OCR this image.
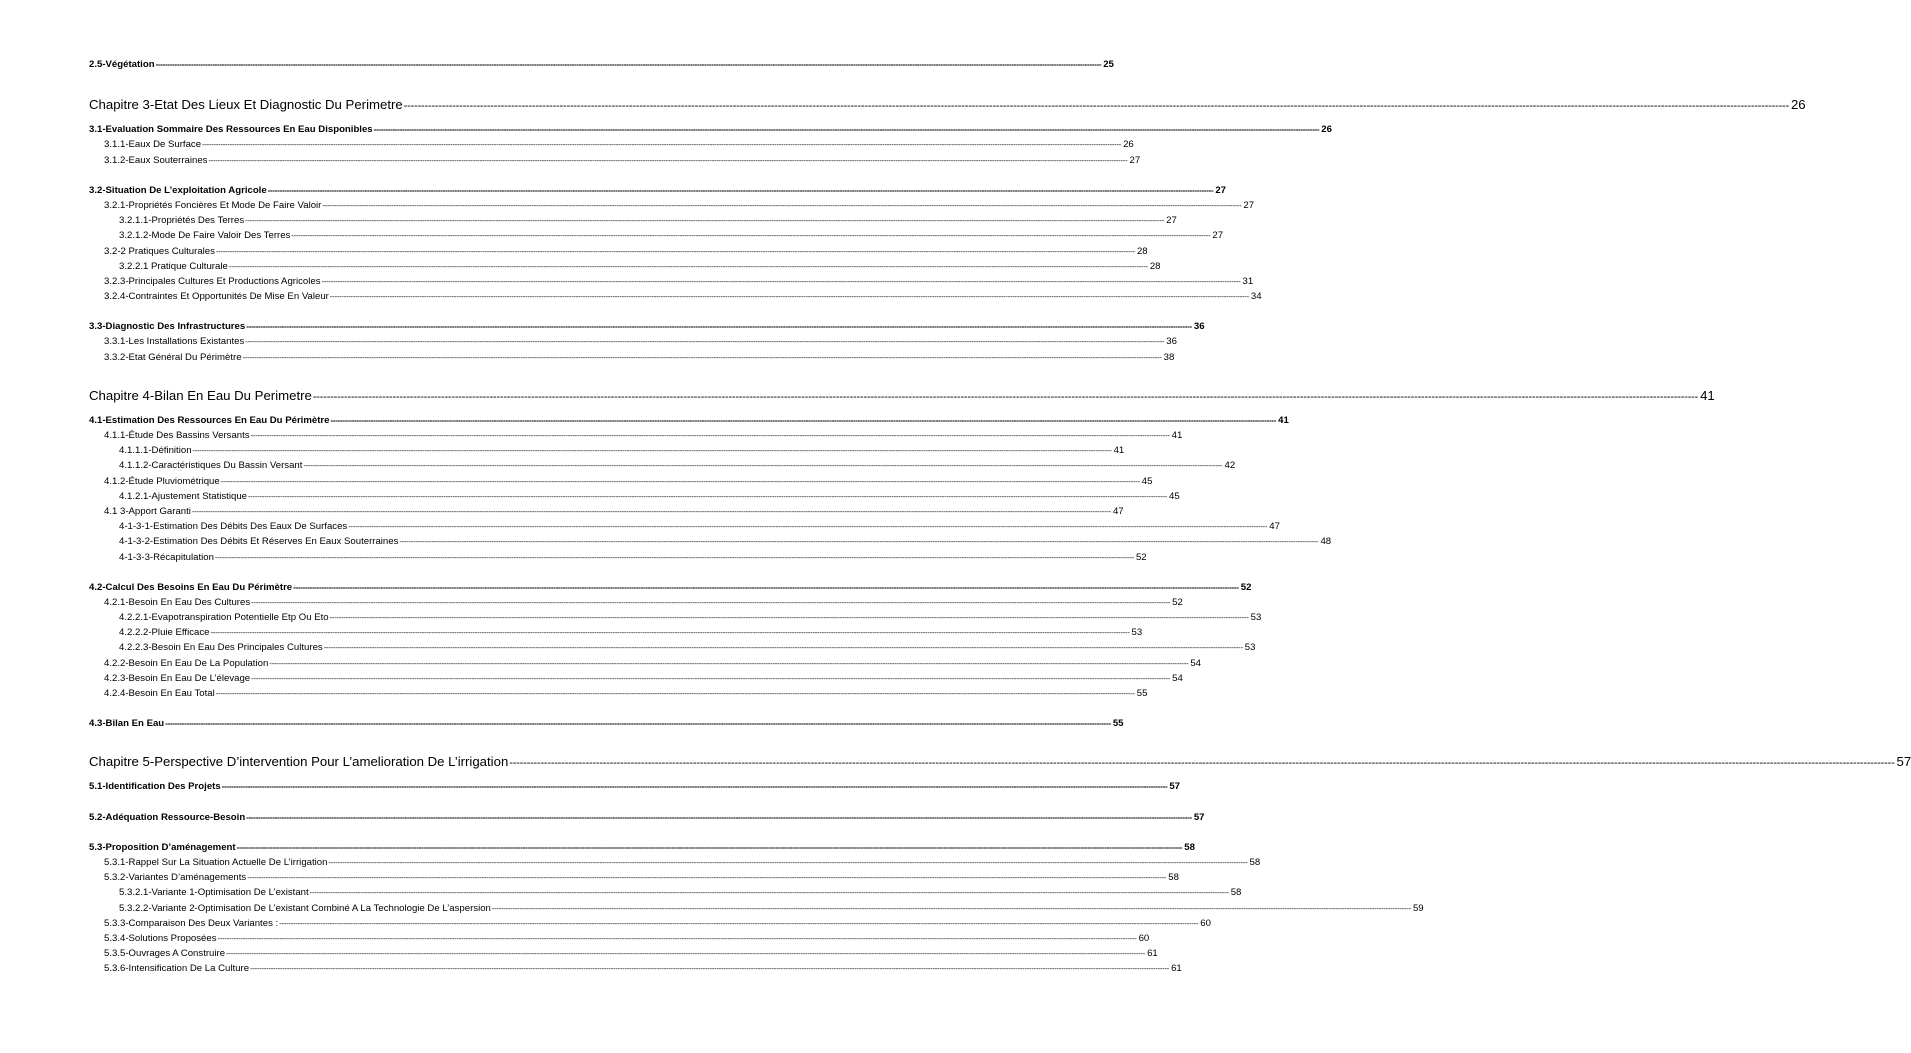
2.5-Végétation ---------------------------------------------------------------------------------------------------------------------------------------------------------------------------------------------------------------------------------------------------------------------------------------------------------------------------------------------------------------------------------------------------------------- 25
Chapitre 3-Etat Des Lieux Et Diagnostic Du Perimetre ---------------------------------------------------------------------------------------------------------------------------------------------------------------------------------------------------------------------------------------------------------------------------------------------------------------------------------------------------------------------------------------------------------------- 26
3.1-Evaluation Sommaire Des Ressources En Eau Disponibles ---------------------------------------------------------------------------------------------------------------------------------------------------------------------------------------------------------------------------------------------------------------------------------------------------------------------------------------------------------------------------------------------------------------- 26
3.1.1-Eaux De Surface ---------------------------------------------------------------------------------------------------------------------------------------------------------------------------------------------------------------------------------------------------------------------------------------------------------------------------------------------------------------------------------------------------------------- 26
3.1.2-Eaux Souterraines ---------------------------------------------------------------------------------------------------------------------------------------------------------------------------------------------------------------------------------------------------------------------------------------------------------------------------------------------------------------------------------------------------------------- 27
3.2-Situation De L’exploitation Agricole ---------------------------------------------------------------------------------------------------------------------------------------------------------------------------------------------------------------------------------------------------------------------------------------------------------------------------------------------------------------------------------------------------------------- 27
3.2.1-Propriétés Foncières Et Mode De Faire Valoir ---------------------------------------------------------------------------------------------------------------------------------------------------------------------------------------------------------------------------------------------------------------------------------------------------------------------------------------------------------------------------------------------------------------- 27
3.2.1.1-Propriétés Des Terres ---------------------------------------------------------------------------------------------------------------------------------------------------------------------------------------------------------------------------------------------------------------------------------------------------------------------------------------------------------------------------------------------------------------- 27
3.2.1.2-Mode De Faire Valoir Des Terres ---------------------------------------------------------------------------------------------------------------------------------------------------------------------------------------------------------------------------------------------------------------------------------------------------------------------------------------------------------------------------------------------------------------- 27
3.2-2 Pratiques Culturales ---------------------------------------------------------------------------------------------------------------------------------------------------------------------------------------------------------------------------------------------------------------------------------------------------------------------------------------------------------------------------------------------------------------- 28
3.2.2.1 Pratique Culturale ---------------------------------------------------------------------------------------------------------------------------------------------------------------------------------------------------------------------------------------------------------------------------------------------------------------------------------------------------------------------------------------------------------------- 28
3.2.3-Principales Cultures Et Productions Agricoles ---------------------------------------------------------------------------------------------------------------------------------------------------------------------------------------------------------------------------------------------------------------------------------------------------------------------------------------------------------------------------------------------------------------- 31
3.2.4-Contraintes Et Opportunités De Mise En Valeur ---------------------------------------------------------------------------------------------------------------------------------------------------------------------------------------------------------------------------------------------------------------------------------------------------------------------------------------------------------------------------------------------------------------- 34
3.3-Diagnostic Des Infrastructures ---------------------------------------------------------------------------------------------------------------------------------------------------------------------------------------------------------------------------------------------------------------------------------------------------------------------------------------------------------------------------------------------------------------- 36
3.3.1-Les Installations Existantes ---------------------------------------------------------------------------------------------------------------------------------------------------------------------------------------------------------------------------------------------------------------------------------------------------------------------------------------------------------------------------------------------------------------- 36
3.3.2-Etat Général Du Périmètre ---------------------------------------------------------------------------------------------------------------------------------------------------------------------------------------------------------------------------------------------------------------------------------------------------------------------------------------------------------------------------------------------------------------- 38
Chapitre 4-Bilan En Eau Du Perimetre ---------------------------------------------------------------------------------------------------------------------------------------------------------------------------------------------------------------------------------------------------------------------------------------------------------------------------------------------------------------------------------------------------------------- 41
4.1-Estimation Des Ressources En Eau Du Périmètre ---------------------------------------------------------------------------------------------------------------------------------------------------------------------------------------------------------------------------------------------------------------------------------------------------------------------------------------------------------------------------------------------------------------- 41
4.1.1-Étude Des Bassins Versants ---------------------------------------------------------------------------------------------------------------------------------------------------------------------------------------------------------------------------------------------------------------------------------------------------------------------------------------------------------------------------------------------------------------- 41
4.1.1.1-Définition ---------------------------------------------------------------------------------------------------------------------------------------------------------------------------------------------------------------------------------------------------------------------------------------------------------------------------------------------------------------------------------------------------------------- 41
4.1.1.2-Caractéristiques Du Bassin Versant ---------------------------------------------------------------------------------------------------------------------------------------------------------------------------------------------------------------------------------------------------------------------------------------------------------------------------------------------------------------------------------------------------------------- 42
4.1.2-Étude Pluviométrique ---------------------------------------------------------------------------------------------------------------------------------------------------------------------------------------------------------------------------------------------------------------------------------------------------------------------------------------------------------------------------------------------------------------- 45
4.1.2.1-Ajustement Statistique ---------------------------------------------------------------------------------------------------------------------------------------------------------------------------------------------------------------------------------------------------------------------------------------------------------------------------------------------------------------------------------------------------------------- 45
4.1 3-Apport Garanti ---------------------------------------------------------------------------------------------------------------------------------------------------------------------------------------------------------------------------------------------------------------------------------------------------------------------------------------------------------------------------------------------------------------- 47
4-1-3-1-Estimation Des Débits Des Eaux De Surfaces ---------------------------------------------------------------------------------------------------------------------------------------------------------------------------------------------------------------------------------------------------------------------------------------------------------------------------------------------------------------------------------------------------------------- 47
4-1-3-2-Estimation Des Débits Et Réserves En Eaux Souterraines ---------------------------------------------------------------------------------------------------------------------------------------------------------------------------------------------------------------------------------------------------------------------------------------------------------------------------------------------------------------------------------------------------------------- 48
4-1-3-3-Récapitulation ---------------------------------------------------------------------------------------------------------------------------------------------------------------------------------------------------------------------------------------------------------------------------------------------------------------------------------------------------------------------------------------------------------------- 52
4.2-Calcul Des Besoins En Eau Du Périmètre ---------------------------------------------------------------------------------------------------------------------------------------------------------------------------------------------------------------------------------------------------------------------------------------------------------------------------------------------------------------------------------------------------------------- 52
4.2.1-Besoin En Eau Des Cultures ---------------------------------------------------------------------------------------------------------------------------------------------------------------------------------------------------------------------------------------------------------------------------------------------------------------------------------------------------------------------------------------------------------------- 52
4.2.2.1-Evapotranspiration Potentielle Etp Ou Eto ---------------------------------------------------------------------------------------------------------------------------------------------------------------------------------------------------------------------------------------------------------------------------------------------------------------------------------------------------------------------------------------------------------------- 53
4.2.2.2-Pluie Efficace ---------------------------------------------------------------------------------------------------------------------------------------------------------------------------------------------------------------------------------------------------------------------------------------------------------------------------------------------------------------------------------------------------------------- 53
4.2.2.3-Besoin En Eau Des Principales Cultures ---------------------------------------------------------------------------------------------------------------------------------------------------------------------------------------------------------------------------------------------------------------------------------------------------------------------------------------------------------------------------------------------------------------- 53
4.2.2-Besoin En Eau De La Population ---------------------------------------------------------------------------------------------------------------------------------------------------------------------------------------------------------------------------------------------------------------------------------------------------------------------------------------------------------------------------------------------------------------- 54
4.2.3-Besoin En Eau De L’élevage ---------------------------------------------------------------------------------------------------------------------------------------------------------------------------------------------------------------------------------------------------------------------------------------------------------------------------------------------------------------------------------------------------------------- 54
4.2.4-Besoin En Eau Total ---------------------------------------------------------------------------------------------------------------------------------------------------------------------------------------------------------------------------------------------------------------------------------------------------------------------------------------------------------------------------------------------------------------- 55
4.3-Bilan En Eau ---------------------------------------------------------------------------------------------------------------------------------------------------------------------------------------------------------------------------------------------------------------------------------------------------------------------------------------------------------------------------------------------------------------- 55
Chapitre 5-Perspective D’intervention Pour L’amelioration De L’irrigation ---------------------------------------------------------------------------------------------------------------------------------------------------------------------------------------------------------------------------------------------------------------------------------------------------------------------------------------------------------------------------------------------------------------- 57
5.1-Identification Des Projets ---------------------------------------------------------------------------------------------------------------------------------------------------------------------------------------------------------------------------------------------------------------------------------------------------------------------------------------------------------------------------------------------------------------- 57
5.2-Adéquation Ressource-Besoin ---------------------------------------------------------------------------------------------------------------------------------------------------------------------------------------------------------------------------------------------------------------------------------------------------------------------------------------------------------------------------------------------------------------- 57
5.3-Proposition D’aménagement ---------------------------------------------------------------------------------------------------------------------------------------------------------------------------------------------------------------------------------------------------------------------------------------------------------------------------------------------------------------------------------------------------------------- 58
5.3.1-Rappel Sur La Situation Actuelle De L’irrigation ---------------------------------------------------------------------------------------------------------------------------------------------------------------------------------------------------------------------------------------------------------------------------------------------------------------------------------------------------------------------------------------------------------------- 58
5.3.2-Variantes D’aménagements ---------------------------------------------------------------------------------------------------------------------------------------------------------------------------------------------------------------------------------------------------------------------------------------------------------------------------------------------------------------------------------------------------------------- 58
5.3.2.1-Variante 1-Optimisation De L’existant ---------------------------------------------------------------------------------------------------------------------------------------------------------------------------------------------------------------------------------------------------------------------------------------------------------------------------------------------------------------------------------------------------------------- 58
5.3.2.2-Variante 2-Optimisation De L’existant Combiné A La Technologie De L’aspersion ---------------------------------------------------------------------------------------------------------------------------------------------------------------------------------------------------------------------------------------------------------------------------------------------------------------------------------------------------------------------------------------------------------------- 59
5.3.3-Comparaison Des Deux Variantes : ---------------------------------------------------------------------------------------------------------------------------------------------------------------------------------------------------------------------------------------------------------------------------------------------------------------------------------------------------------------------------------------------------------------- 60
5.3.4-Solutions Proposées ---------------------------------------------------------------------------------------------------------------------------------------------------------------------------------------------------------------------------------------------------------------------------------------------------------------------------------------------------------------------------------------------------------------- 60
5.3.5-Ouvrages A Construire ---------------------------------------------------------------------------------------------------------------------------------------------------------------------------------------------------------------------------------------------------------------------------------------------------------------------------------------------------------------------------------------------------------------- 61
5.3.6-Intensification De La Culture ---------------------------------------------------------------------------------------------------------------------------------------------------------------------------------------------------------------------------------------------------------------------------------------------------------------------------------------------------------------------------------------------------------------- 61
